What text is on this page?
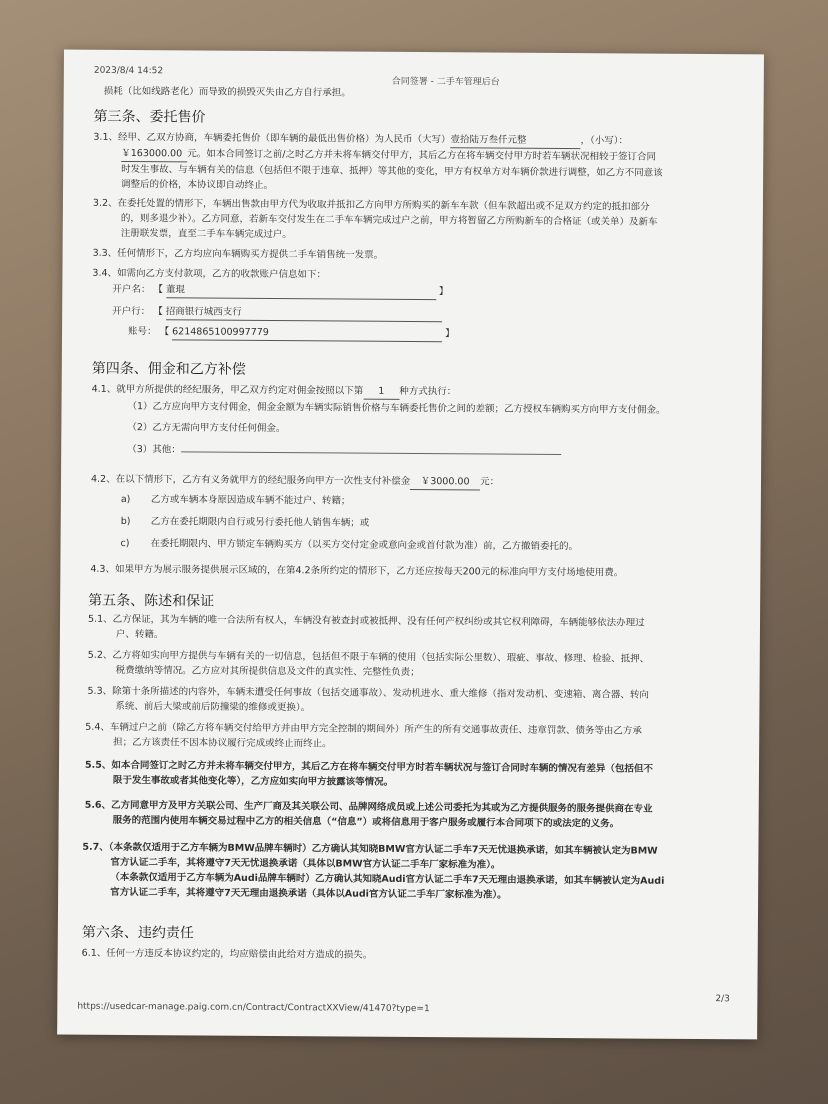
2023/8/4 14:52
合同签署 - 二手车管理后台
损耗（比如线路老化）而导致的损毁灭失由乙方自行承担。
第三条、委托售价
3.1、经甲、乙双方协商，车辆委托售价（即车辆的最低出售价格）为人民币（大写）壹拾陆万叁仟元整	，（小写）：
￥163000.00 元。如本合同签订之前/之时乙方并未将车辆交付甲方，其后乙方在将车辆交付甲方时若车辆状况相较于签订合同
时发生事故、与车辆有关的信息（包括但不限于违章、抵押）等其他的变化，甲方有权单方对车辆价款进行调整，如乙方不同意该
调整后的价格，本协议即自动终止。
3.2、在委托处置的情形下，车辆出售款由甲方代为收取并抵扣乙方向甲方所购买的新车车款（但车款超出或不足双方约定的抵扣部分
的，则多退少补）。乙方同意，若新车交付发生在二手车车辆完成过户之前，甲方将暂留乙方所购新车的合格证（或关单）及新车
注册联发票，直至二手车车辆完成过户。
3.3、任何情形下，乙方均应向车辆购买方提供二手车销售统一发票。
3.4、如需向乙方支付款项，乙方的收款账户信息如下：
开户名： 【 董琨	】
开户行： 【 招商银行城西支行
账号： 【 6214865100997779	】
第四条、佣金和乙方补偿
4.1、就甲方所提供的经纪服务，甲乙双方约定对佣金按照以下第 1 种方式执行：
（1）乙方应向甲方支付佣金，佣金金额为车辆实际销售价格与车辆委托售价之间的差额；乙方授权车辆购买方向甲方支付佣金。
（2）乙方无需向甲方支付任何佣金。
（3）其他：
4.2、在以下情形下，乙方有义务就甲方的经纪服务向甲方一次性支付补偿金 ￥3000.00 元：
a) 乙方或车辆本身原因造成车辆不能过户、转籍；
b) 乙方在委托期限内自行或另行委托他人销售车辆；或
c) 在委托期限内、甲方锁定车辆购买方（以买方交付定金或意向金或首付款为准）前，乙方撤销委托的。
4.3、如果甲方为展示服务提供展示区域的，在第4.2条所约定的情形下，乙方还应按每天200元的标准向甲方支付场地使用费。
第五条、陈述和保证
5.1、乙方保证，其为车辆的唯一合法所有权人，车辆没有被查封或被抵押、没有任何产权纠纷或其它权利障碍，车辆能够依法办理过
户、转籍。
5.2、乙方将如实向甲方提供与车辆有关的一切信息，包括但不限于车辆的使用（包括实际公里数）、瑕疵、事故、修理、检验、抵押、
税费缴纳等情况。乙方应对其所提供信息及文件的真实性、完整性负责；
5.3、除第十条所描述的内容外，车辆未遭受任何事故（包括交通事故）、发动机进水、重大维修（指对发动机、变速箱、离合器、转向
系统、前后大梁或前后防撞梁的维修或更换）。
5.4、车辆过户之前（除乙方将车辆交付给甲方并由甲方完全控制的期间外）所产生的所有交通事故责任、违章罚款、债务等由乙方承
担；乙方该责任不因本协议履行完成或终止而终止。
5.5、如本合同签订之时乙方并未将车辆交付甲方，其后乙方在将车辆交付甲方时若车辆状况与签订合同时车辆的情况有差异（包括但不
限于发生事故或者其他变化等），乙方应如实向甲方披露该等情况。
5.6、乙方同意甲方及甲方关联公司、生产厂商及其关联公司、品牌网络成员或上述公司委托为其或为乙方提供服务的服务提供商在专业
服务的范围内使用车辆交易过程中乙方的相关信息（“信息”）或将信息用于客户服务或履行本合同项下的或法定的义务。
5.7、（本条款仅适用于乙方车辆为BMW品牌车辆时）乙方确认其知晓BMW官方认证二手车7天无忧退换承诺，如其车辆被认定为BMW
官方认证二手车，其将遵守7天无忧退换承诺（具体以BMW官方认证二手车厂家标准为准）。
（本条款仅适用于乙方车辆为Audi品牌车辆时）乙方确认其知晓Audi官方认证二手车7天无理由退换承诺，如其车辆被认定为Audi
官方认证二手车，其将遵守7天无理由退换承诺（具体以Audi官方认证二手车厂家标准为准）。
第六条、违约责任
6.1、任何一方违反本协议约定的，均应赔偿由此给对方造成的损失。
https://usedcar-manage.paig.com.cn/Contract/ContractXXView/41470?type=1
2/3
